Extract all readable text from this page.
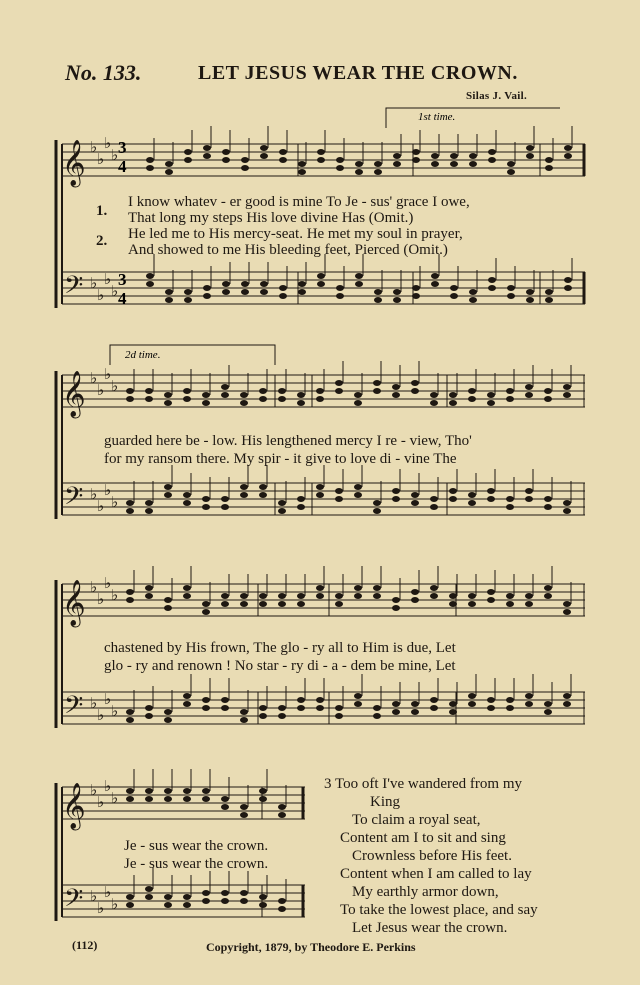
No. 133.	LET JESUS WEAR THE CROWN.
Silas J. Vail.
𝄞
𝄢
♭
♭
♭
♭
♭
♭
♭
♭
𝄞
𝄢
♭
♭
♭
♭
♭
♭
♭
♭
𝄞
𝄢
♭
♭
♭
♭
♭
♭
♭
♭
𝄞
𝄢
♭
♭
♭
♭
♭
♭
♭
♭
1st time.
2d time.
3
4
3
4
1.
2.
I know whatev - er good is mine To Je - sus' grace I owe,
That long my steps His love divine Has (Omit.)
He led me to His mercy-seat. He met my soul in prayer,
And showed to me His bleeding feet, Pierced (Omit.)
guarded here be - low. His lengthened mercy I re - view, Tho'
for my ransom there. My spir - it give to love di - vine The
chastened by His frown, The glo - ry all to Him is due, Let
glo - ry and renown ! No star - ry di - a - dem be mine, Let
Je - sus wear the crown.
Je - sus wear the crown.
3 Too oft I've wandered from my
King
To claim a royal seat,
Content am I to sit and sing
Crownless before His feet.
Content when I am called to lay
My earthly armor down,
To take the lowest place, and say
Let Jesus wear the crown.
(112)	Copyright, 1879, by Theodore E. Perkins
